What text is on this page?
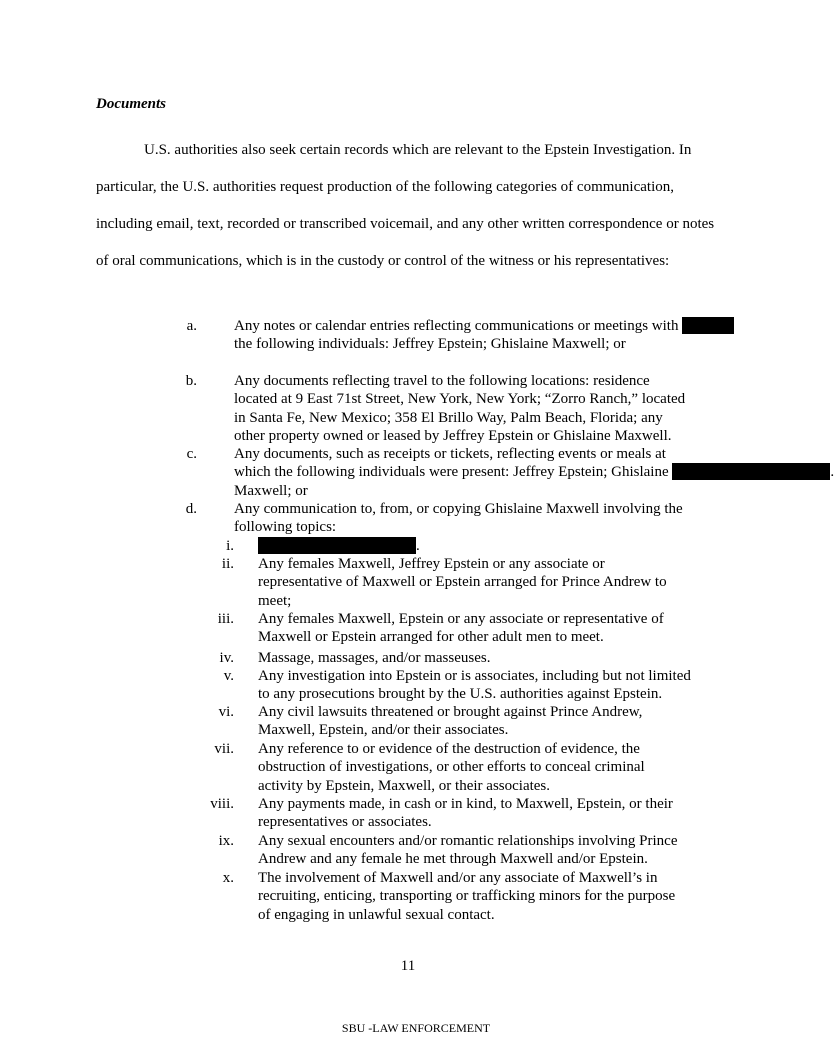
Documents

U.S. authorities also seek certain records which are relevant to the Epstein Investigation. In particular, the U.S. authorities request production of the following categories of communication, including email, text, recorded or transcribed voicemail, and any other written correspondence or notes of oral communications, which is in the custody or control of the witness or his representatives:

a. Any notes or calendar entries reflecting communications or meetings with
the following individuals: Jeffrey Epstein; Ghislaine Maxwell; or
b. Any documents reflecting travel to the following locations: residence
located at 9 East 71st Street, New York, New York; “Zorro Ranch,” located
in Santa Fe, New Mexico; 358 El Brillo Way, Palm Beach, Florida; any
other property owned or leased by Jeffrey Epstein or Ghislaine Maxwell.
c. Any documents, such as receipts or tickets, reflecting events or meals at
which the following individuals were present: Jeffrey Epstein; Ghislaine	.
Maxwell; or
d. Any communication to, from, or copying Ghislaine Maxwell involving the
following topics:
i.	.
ii. Any females Maxwell, Jeffrey Epstein or any associate or
representative of Maxwell or Epstein arranged for Prince Andrew to
meet;
iii. Any females Maxwell, Epstein or any associate or representative of
Maxwell or Epstein arranged for other adult men to meet.
iv. Massage, massages, and/or masseuses.
v. Any investigation into Epstein or is associates, including but not limited
to any prosecutions brought by the U.S. authorities against Epstein.
vi. Any civil lawsuits threatened or brought against Prince Andrew,
Maxwell, Epstein, and/or their associates.
vii. Any reference to or evidence of the destruction of evidence, the
obstruction of investigations, or other efforts to conceal criminal
activity by Epstein, Maxwell, or their associates.
viii. Any payments made, in cash or in kind, to Maxwell, Epstein, or their
representatives or associates.
ix. Any sexual encounters and/or romantic relationships involving Prince
Andrew and any female he met through Maxwell and/or Epstein.
x. The involvement of Maxwell and/or any associate of Maxwell’s in
recruiting, enticing, transporting or trafficking minors for the purpose
of engaging in unlawful sexual contact.
11
SBU -LAW ENFORCEMENT
